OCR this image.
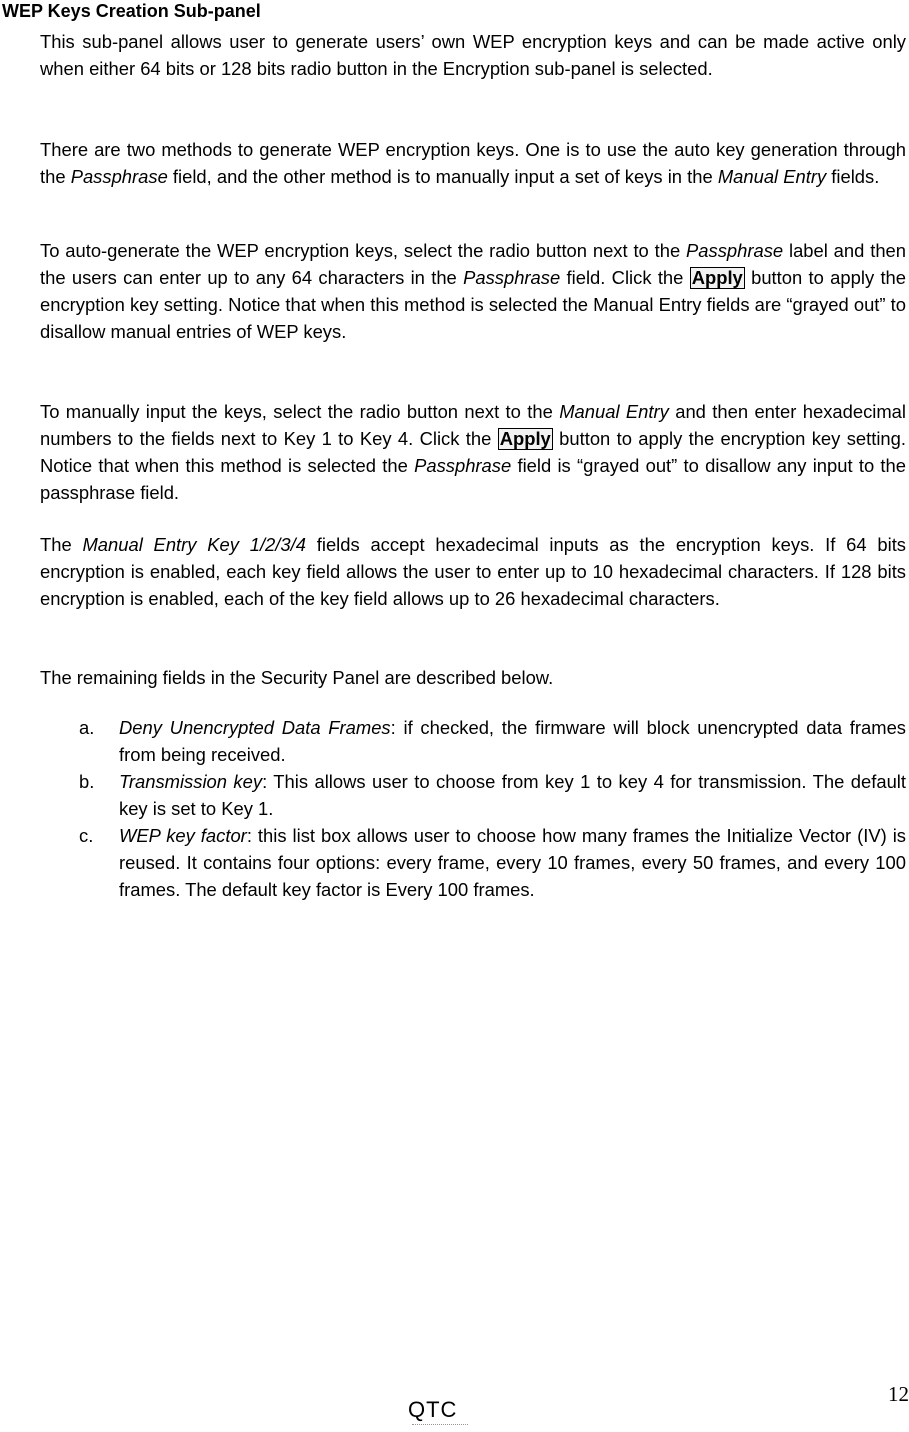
WEP Keys Creation Sub-panel

This sub-panel allows user to generate users’ own WEP encryption keys and can be made active only when either 64 bits or 128 bits radio button in the Encryption sub-panel is selected.

There are two methods to generate WEP encryption keys. One is to use the auto key generation through the Passphrase field, and the other method is to manually input a set of keys in the Manual Entry fields.

To auto-generate the WEP encryption keys, select the radio button next to the Passphrase label and then the users can enter up to any 64 characters in the Passphrase field. Click the Apply button to apply the encryption key setting. Notice that when this method is selected the Manual Entry fields are “grayed out” to disallow manual entries of WEP keys.

To manually input the keys, select the radio button next to the Manual Entry and then enter hexadecimal numbers to the fields next to Key 1 to Key 4. Click the Apply button to apply the encryption key setting. Notice that when this method is selected the Passphrase field is “grayed out” to disallow any input to the passphrase field.

The Manual Entry Key 1/2/3/4 fields accept hexadecimal inputs as the encryption keys. If 64 bits encryption is enabled, each key field allows the user to enter up to 10 hexadecimal characters. If 128 bits encryption is enabled, each of the key field allows up to 26 hexadecimal characters.

The remaining fields in the Security Panel are described below.

a. Deny Unencrypted Data Frames: if checked, the firmware will block unencrypted data frames from being received.
b. Transmission key: This allows user to choose from key 1 to key 4 for transmission. The default key is set to Key 1.
c. WEP key factor: this list box allows user to choose how many frames the Initialize Vector (IV) is reused. It contains four options: every frame, every 10 frames, every 50 frames, and every 100 frames. The default key factor is Every 100 frames.
12
QTC
